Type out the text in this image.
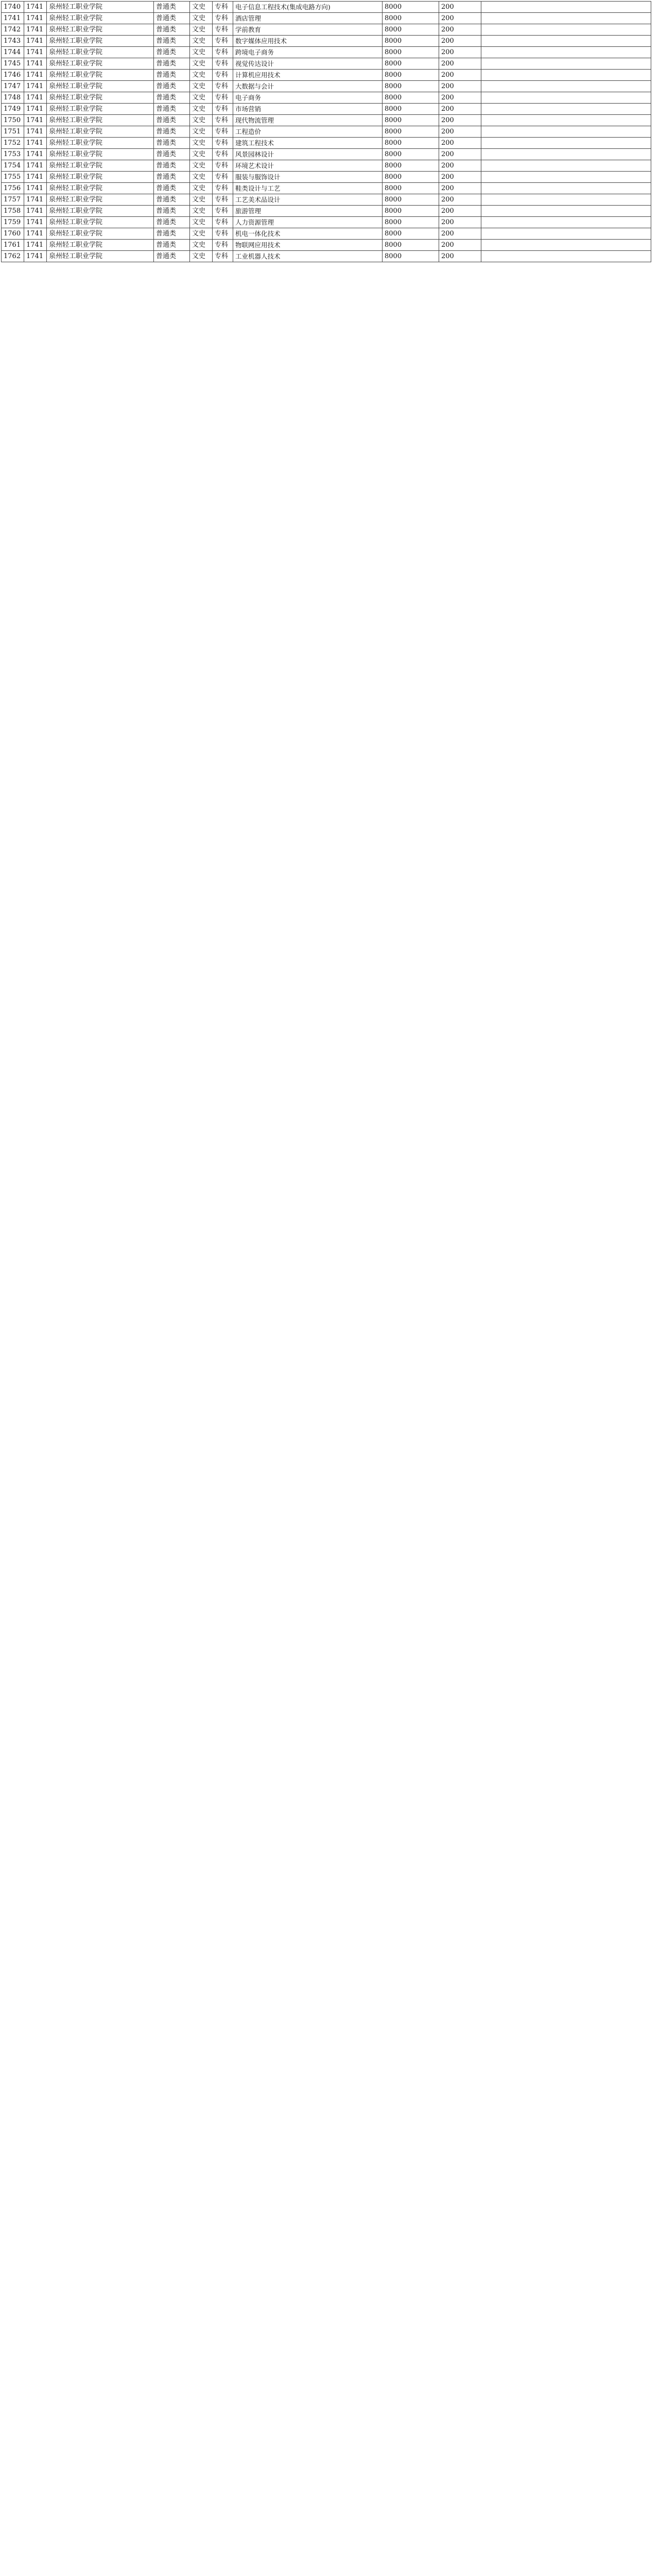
1740	1741	泉州轻工职业学院	普通类	文史	专科	电子信息工程技术(集成电路方向)	8000	200	
1741	1741	泉州轻工职业学院	普通类	文史	专科	酒店管理	8000	200	
1742	1741	泉州轻工职业学院	普通类	文史	专科	学前教育	8000	200	
1743	1741	泉州轻工职业学院	普通类	文史	专科	数字媒体应用技术	8000	200	
1744	1741	泉州轻工职业学院	普通类	文史	专科	跨境电子商务	8000	200	
1745	1741	泉州轻工职业学院	普通类	文史	专科	视觉传达设计	8000	200	
1746	1741	泉州轻工职业学院	普通类	文史	专科	计算机应用技术	8000	200	
1747	1741	泉州轻工职业学院	普通类	文史	专科	大数据与会计	8000	200	
1748	1741	泉州轻工职业学院	普通类	文史	专科	电子商务	8000	200	
1749	1741	泉州轻工职业学院	普通类	文史	专科	市场营销	8000	200	
1750	1741	泉州轻工职业学院	普通类	文史	专科	现代物流管理	8000	200	
1751	1741	泉州轻工职业学院	普通类	文史	专科	工程造价	8000	200	
1752	1741	泉州轻工职业学院	普通类	文史	专科	建筑工程技术	8000	200	
1753	1741	泉州轻工职业学院	普通类	文史	专科	风景园林设计	8000	200	
1754	1741	泉州轻工职业学院	普通类	文史	专科	环境艺术设计	8000	200	
1755	1741	泉州轻工职业学院	普通类	文史	专科	服装与服饰设计	8000	200	
1756	1741	泉州轻工职业学院	普通类	文史	专科	鞋类设计与工艺	8000	200	
1757	1741	泉州轻工职业学院	普通类	文史	专科	工艺美术品设计	8000	200	
1758	1741	泉州轻工职业学院	普通类	文史	专科	旅游管理	8000	200	
1759	1741	泉州轻工职业学院	普通类	文史	专科	人力资源管理	8000	200	
1760	1741	泉州轻工职业学院	普通类	文史	专科	机电一体化技术	8000	200	
1761	1741	泉州轻工职业学院	普通类	文史	专科	物联网应用技术	8000	200	
1762	1741	泉州轻工职业学院	普通类	文史	专科	工业机器人技术	8000	200	
